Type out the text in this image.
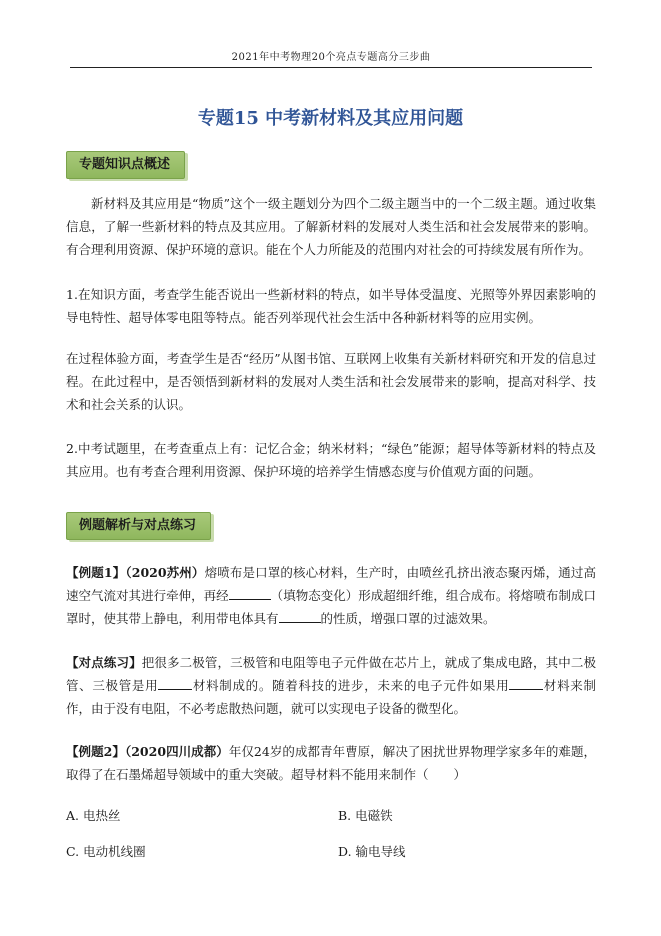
2021年中考物理20个亮点专题高分三步曲
专题15 中考新材料及其应用问题
专题知识点概述
新材料及其应用是“物质”这个一级主题划分为四个二级主题当中的一个二级主题。通过收集信息，了解一些新材料的特点及其应用。了解新材料的发展对人类生活和社会发展带来的影响。有合理利用资源、保护环境的意识。能在个人力所能及的范围内对社会的可持续发展有所作为。
1.在知识方面，考查学生能否说出一些新材料的特点，如半导体受温度、光照等外界因素影响的导电特性、超导体零电阻等特点。能否列举现代社会生活中各种新材料等的应用实例。
在过程体验方面，考查学生是否“经历”从图书馆、互联网上收集有关新材料研究和开发的信息过程。在此过程中，是否领悟到新材料的发展对人类生活和社会发展带来的影响，提高对科学、技术和社会关系的认识。
2.中考试题里，在考查重点上有：记忆合金；纳米材料；“绿色”能源；超导体等新材料的特点及其应用。也有考查合理利用资源、保护环境的培养学生情感态度与价值观方面的问题。
例题解析与对点练习
【例题1】（2020苏州）熔喷布是口罩的核心材料，生产时，由喷丝孔挤出液态聚丙烯，通过高速空气流对其进行牵伸，再经	（填物态变化）形成超细纤维，组合成布。将熔喷布制成口罩时，使其带上静电，利用带电体具有	的性质，增强口罩的过滤效果。
【对点练习】把很多二极管，三极管和电阻等电子元件做在芯片上，就成了集成电路，其中二极管、三极管是用	材料制成的。随着科技的进步，未来的电子元件如果用	材料来制作，由于没有电阻，不必考虑散热问题，就可以实现电子设备的微型化。
【例题2】（2020四川成都）年仅24岁的成都青年曹原，解决了困扰世界物理学家多年的难题，取得了在石墨烯超导领域中的重大突破。超导材料不能用来制作（　　）
A. 电热丝	B. 电磁铁
C. 电动机线圈	D. 输电导线
